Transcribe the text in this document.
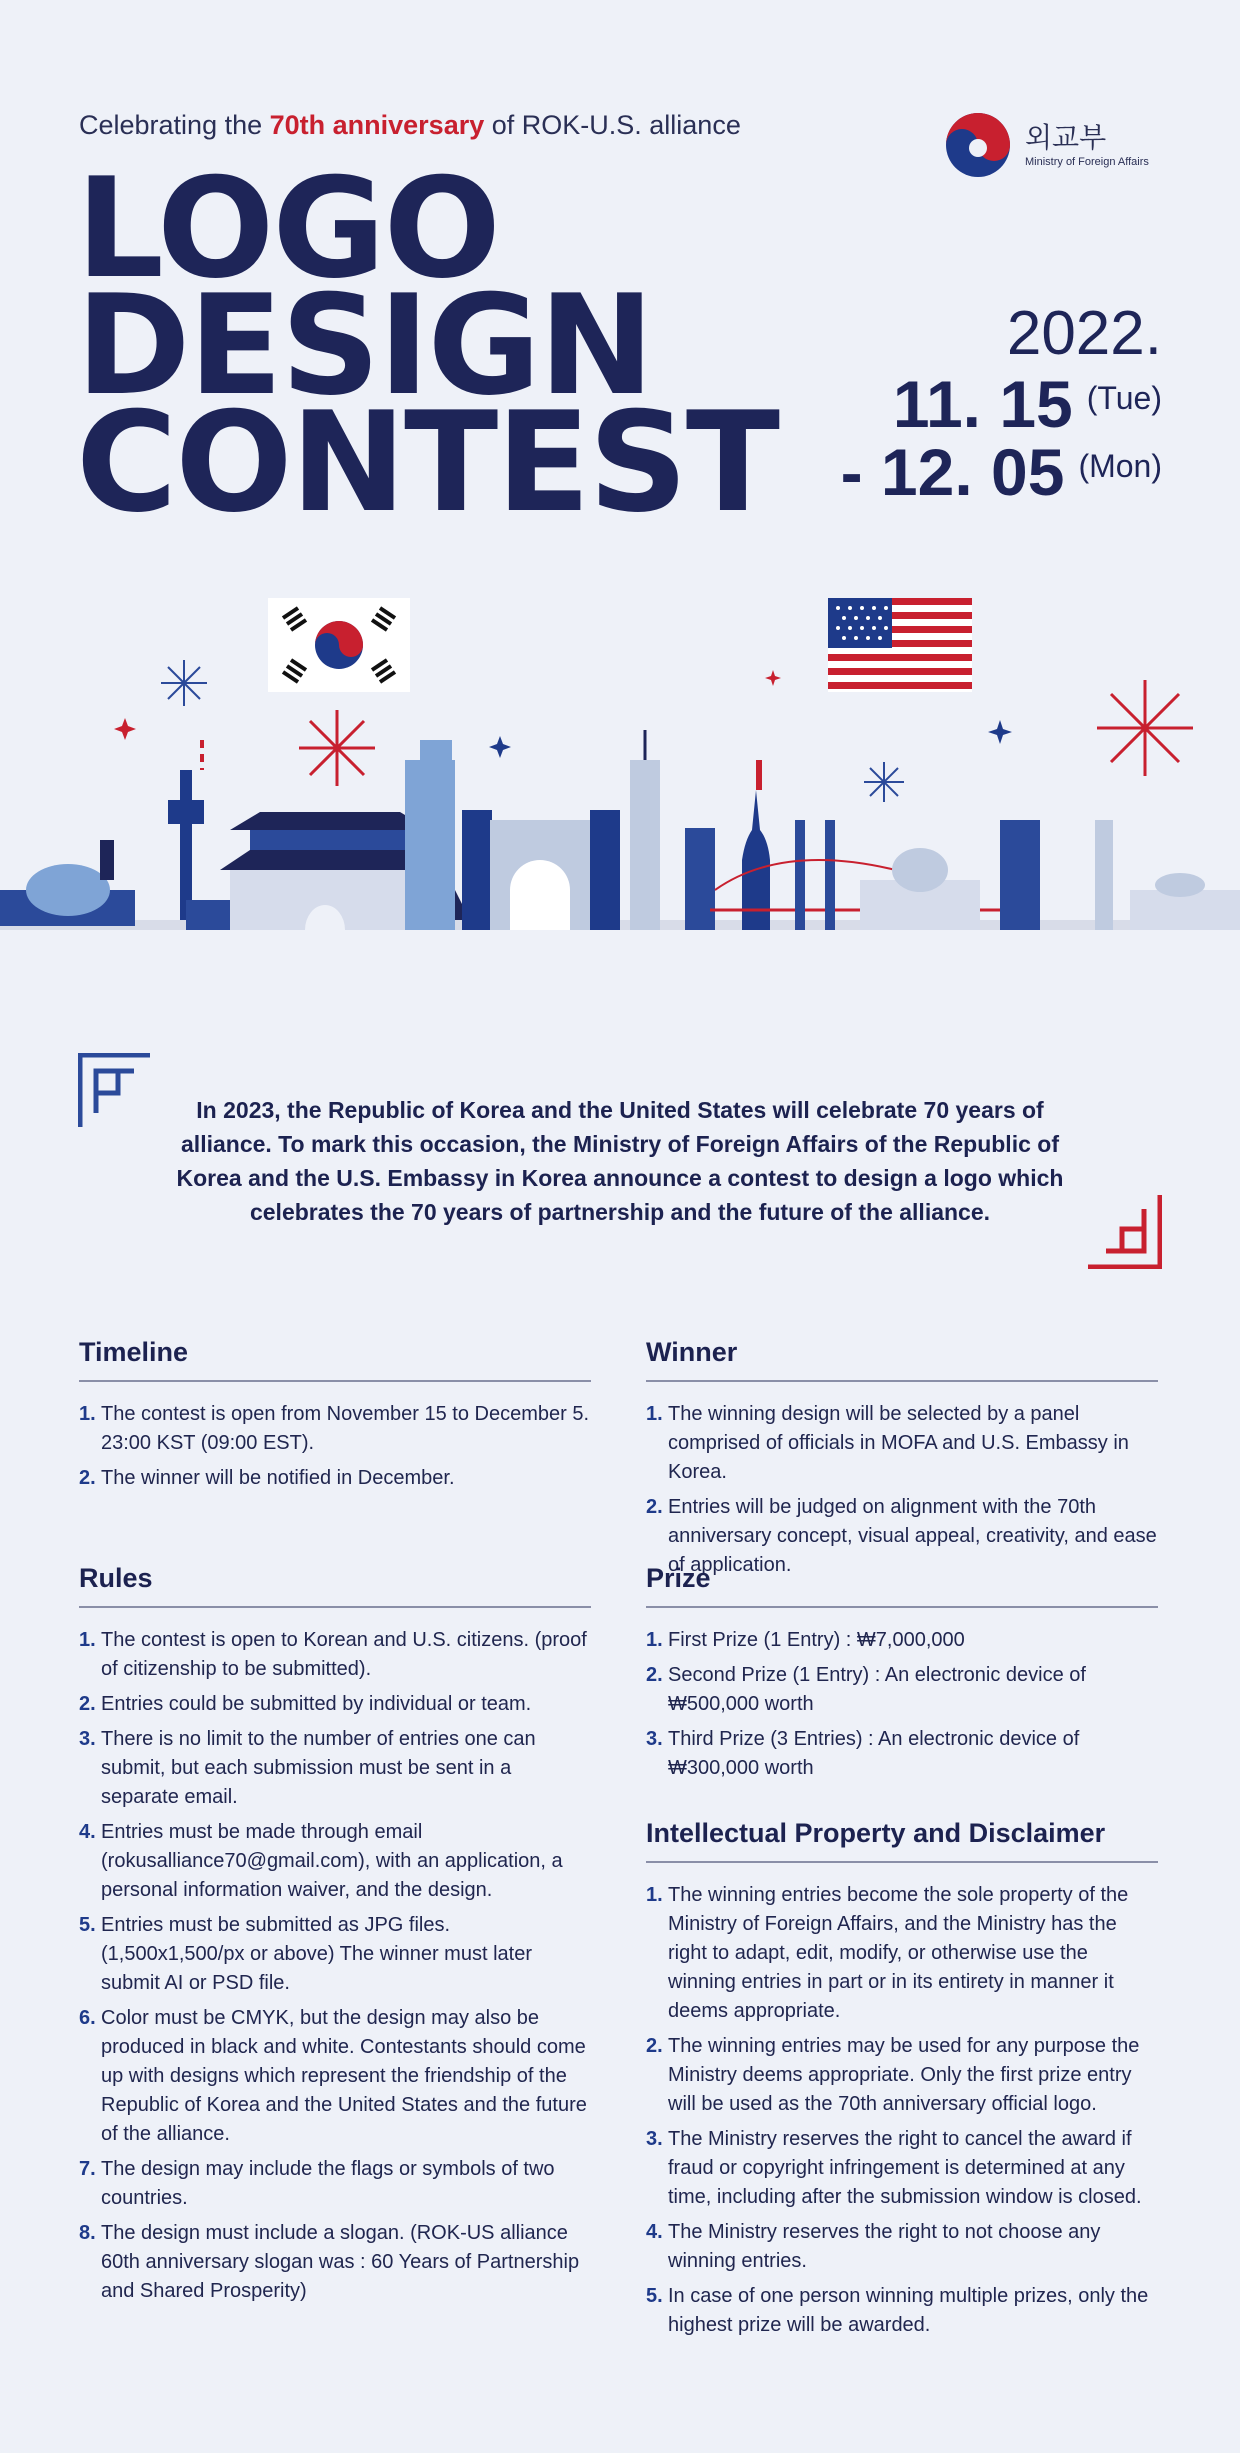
Celebrating the 70th anniversary of ROK-U.S. alliance
LOGO
DESIGN
CONTEST
외교부
Ministry of Foreign Affairs
2022.
11. 15 (Tue)
- 12. 05 (Mon)
In 2023, the Republic of Korea and the United States will celebrate 70 years of alliance. To mark this occasion, the Ministry of Foreign Affairs of the Republic of Korea and the U.S. Embassy in Korea announce a contest to design a logo which celebrates the 70 years of partnership and the future of the alliance.
Timeline
1. The contest is open from November 15 to December 5. 23:00 KST (09:00 EST).
2. The winner will be notified in December.
Rules
1. The contest is open to Korean and U.S. citizens. (proof of citizenship to be submitted).
2. Entries could be submitted by individual or team.
3. There is no limit to the number of entries one can submit, but each submission must be sent in a separate email.
4. Entries must be made through email (rokusalliance70@gmail.com), with an application, a personal information waiver, and the design.
5. Entries must be submitted as JPG files. (1,500x1,500/px or above) The winner must later submit AI or PSD file.
6. Color must be CMYK, but the design may also be produced in black and white. Contestants should come up with designs which represent the friendship of the Republic of Korea and the United States and the future of the alliance.
7. The design may include the flags or symbols of two countries.
8. The design must include a slogan. (ROK-US alliance 60th anniversary slogan was : 60 Years of Partnership and Shared Prosperity)
Winner
1. The winning design will be selected by a panel comprised of officials in MOFA and U.S. Embassy in Korea.
2. Entries will be judged on alignment with the 70th anniversary concept, visual appeal, creativity, and ease of application.
Prize
1. First Prize (1 Entry) : ₩7,000,000
2. Second Prize (1 Entry) : An electronic device of ₩500,000 worth
3. Third Prize (3 Entries) : An electronic device of ₩300,000 worth
Intellectual Property and Disclaimer
1. The winning entries become the sole property of the Ministry of Foreign Affairs, and the Ministry has the right to adapt, edit, modify, or otherwise use the winning entries in part or in its entirety in manner it deems appropriate.
2. The winning entries may be used for any purpose the Ministry deems appropriate. Only the first prize entry will be used as the 70th anniversary official logo.
3. The Ministry reserves the right to cancel the award if fraud or copyright infringement is determined at any time, including after the submission window is closed.
4. The Ministry reserves the right to not choose any winning entries.
5. In case of one person winning multiple prizes, only the highest prize will be awarded.
